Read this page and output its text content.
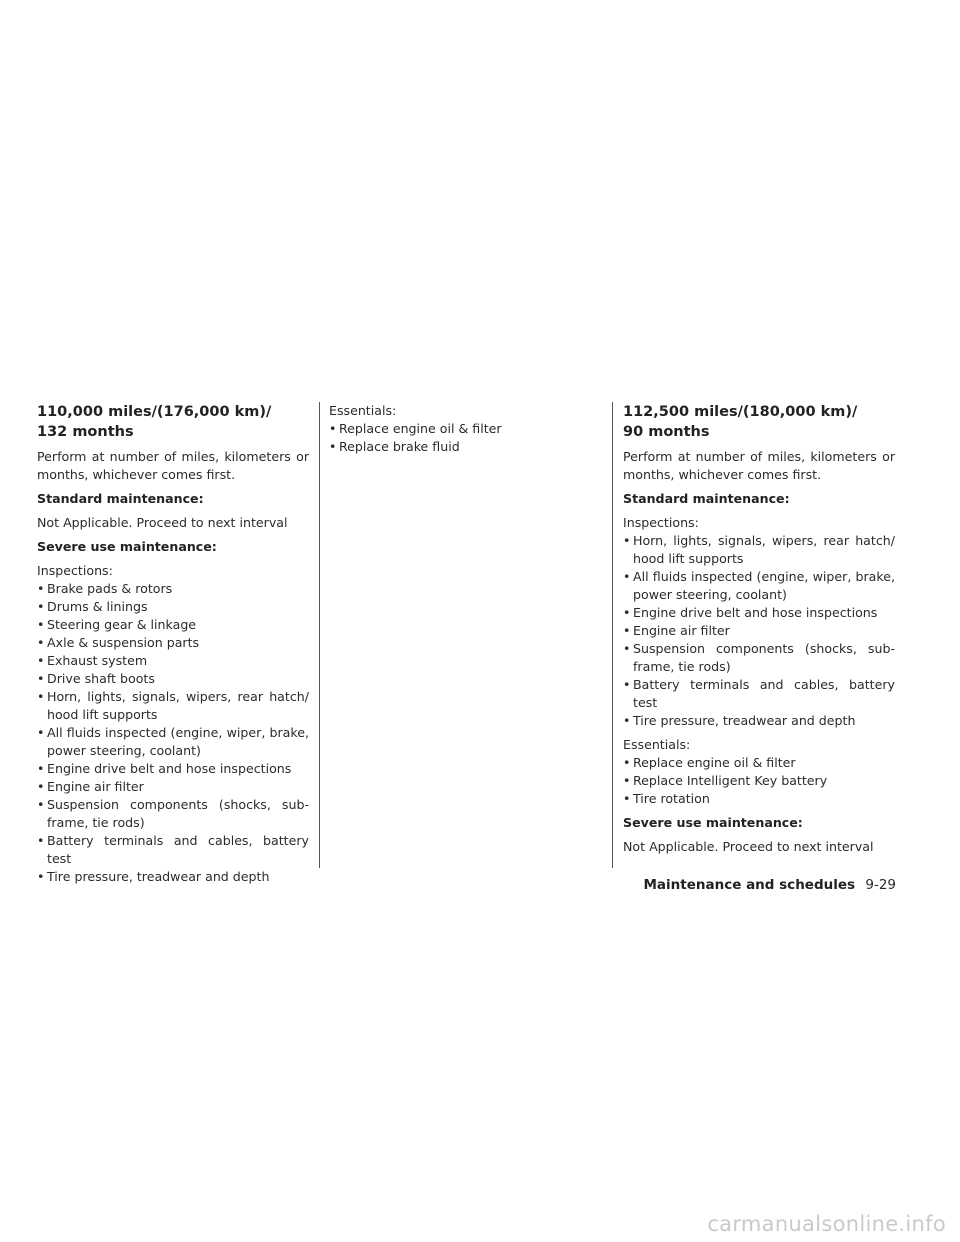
110,000 miles/(176,000 km)/
132 months

Perform at number of miles, kilometers or months, whichever comes first.

Standard maintenance:

Not Applicable. Proceed to next interval

Severe use maintenance:

Inspections:

• Brake pads & rotors
• Drums & linings
• Steering gear & linkage
• Axle & suspension parts
• Exhaust system
• Drive shaft boots
• Horn, lights, signals, wipers, rear hatch/ hood lift supports
• All fluids inspected (engine, wiper, brake, power steering, coolant)
• Engine drive belt and hose inspections
• Engine air filter
• Suspension components (shocks, sub-frame, tie rods)
• Battery terminals and cables, battery test
• Tire pressure, treadwear and depth

Essentials:

• Replace engine oil & filter
• Replace brake fluid
112,500 miles/(180,000 km)/
90 months

Perform at number of miles, kilometers or months, whichever comes first.

Standard maintenance:

Inspections:

• Horn, lights, signals, wipers, rear hatch/ hood lift supports
• All fluids inspected (engine, wiper, brake, power steering, coolant)
• Engine drive belt and hose inspections
• Engine air filter
• Suspension components (shocks, sub-frame, tie rods)
• Battery terminals and cables, battery test
• Tire pressure, treadwear and depth

Essentials:

• Replace engine oil & filter
• Replace Intelligent Key battery
• Tire rotation

Severe use maintenance:

Not Applicable. Proceed to next interval

Maintenance and schedules 9-29
carmanualsonline.info
